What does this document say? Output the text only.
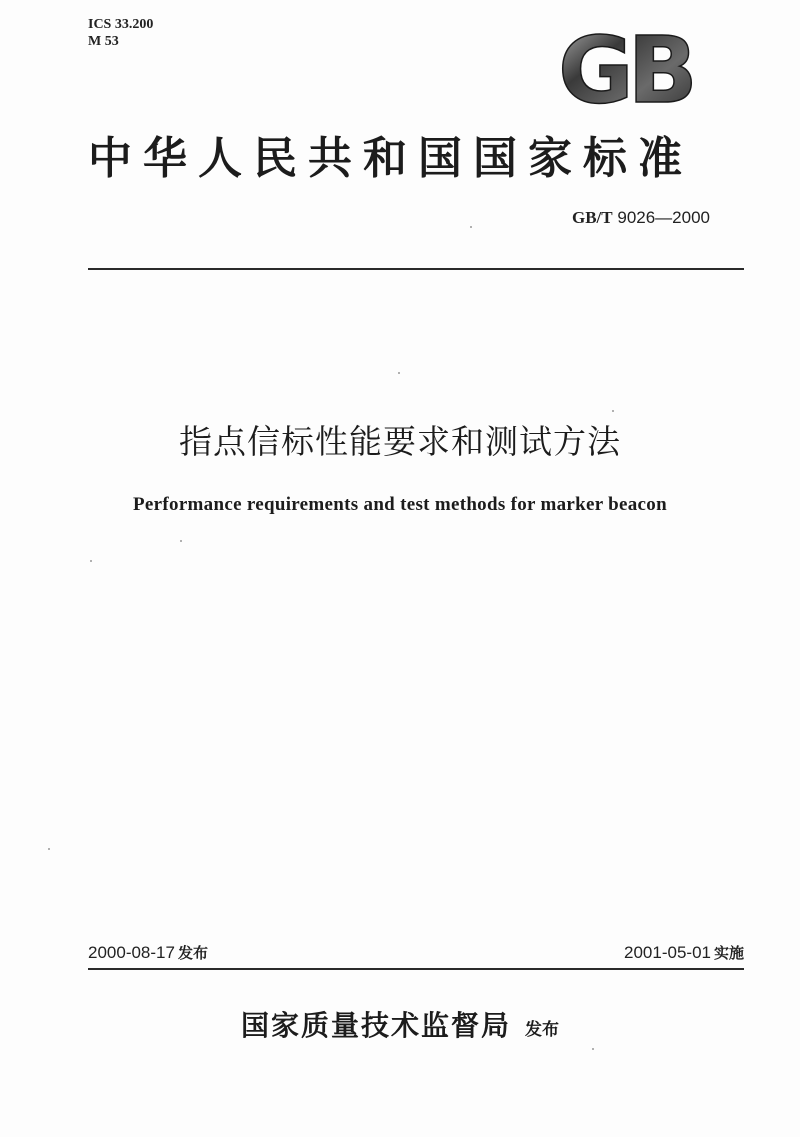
ICS 33.200
M 53	GB
中华人民共和国国家标准
GB/T 9026—2000
指点信标性能要求和测试方法
Performance requirements and test methods for marker beacon
2000-08-17 发布	2001-05-01 实施
国家质量技术监督局 发布
